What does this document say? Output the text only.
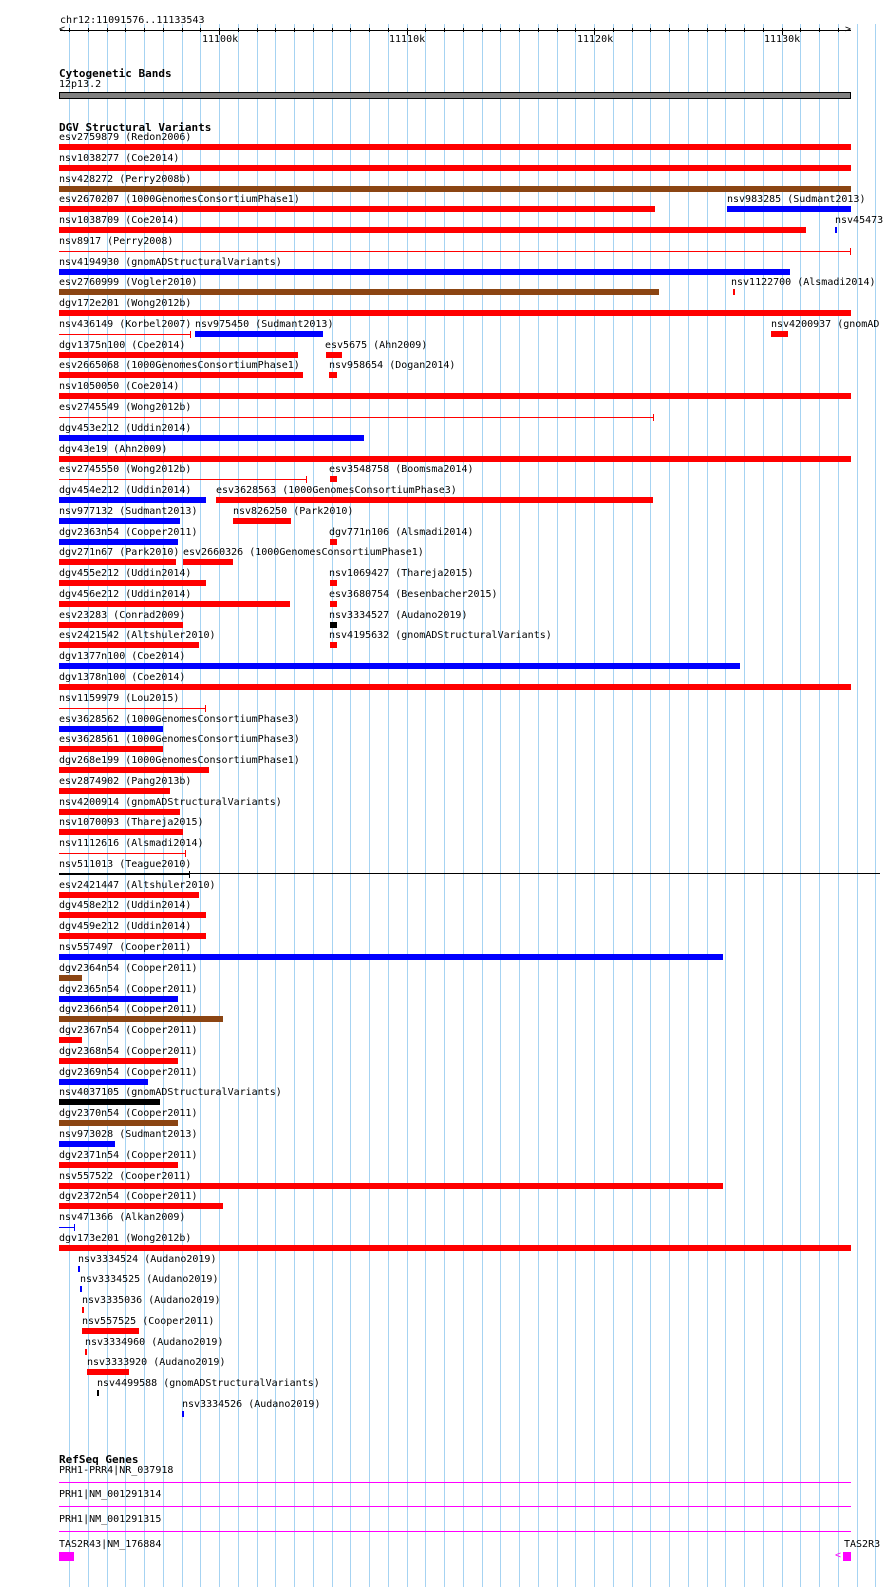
chr12:11091576..11133543
<	>
11100k	11110k	11120k	11130k
Cytogenetic Bands
12p13.2
DGV Structural Variants
esv2759879 (Redon2006)
nsv1038277 (Coe2014)
nsv428272 (Perry2008b)
esv2670207 (1000GenomesConsortiumPhase1)	nsv983285 (Sudmant2013)
nsv1038709 (Coe2014)	nsv45473
nsv8917 (Perry2008)
nsv4194930 (gnomADStructuralVariants)
esv2760999 (Vogler2010)	nsv1122700 (Alsmadi2014)
dgv172e201 (Wong2012b)
nsv436149 (Korbel2007) nsv975450 (Sudmant2013)	nsv4200937 (gnomAD
dgv1375n100 (Coe2014)	esv5675 (Ahn2009)
esv2665068 (1000GenomesConsortiumPhase1)	nsv958654 (Dogan2014)
nsv1050050 (Coe2014)
esv2745549 (Wong2012b)
dgv453e212 (Uddin2014)
dgv43e19 (Ahn2009)
esv2745550 (Wong2012b)	esv3548758 (Boomsma2014)
dgv454e212 (Uddin2014) esv3628563 (1000GenomesConsortiumPhase3)
nsv977132 (Sudmant2013)	nsv826250 (Park2010)
dgv2363n54 (Cooper2011)	dgv771n106 (Alsmadi2014)
dgv271n67 (Park2010) esv2660326 (1000GenomesConsortiumPhase1)
dgv455e212 (Uddin2014)	nsv1069427 (Thareja2015)
dgv456e212 (Uddin2014)	esv3680754 (Besenbacher2015)
esv23283 (Conrad2009)	nsv3334527 (Audano2019)
esv2421542 (Altshuler2010)	nsv4195632 (gnomADStructuralVariants)
dgv1377n100 (Coe2014)
dgv1378n100 (Coe2014)
nsv1159979 (Lou2015)
esv3628562 (1000GenomesConsortiumPhase3)
esv3628561 (1000GenomesConsortiumPhase3)
dgv268e199 (1000GenomesConsortiumPhase1)
esv2874902 (Pang2013b)
nsv4200914 (gnomADStructuralVariants)
nsv1070093 (Thareja2015)
nsv1112616 (Alsmadi2014)
nsv511013 (Teague2010)
esv2421447 (Altshuler2010)
dgv458e212 (Uddin2014)
dgv459e212 (Uddin2014)
nsv557497 (Cooper2011)
dgv2364n54 (Cooper2011)
dgv2365n54 (Cooper2011)
dgv2366n54 (Cooper2011)
dgv2367n54 (Cooper2011)
dgv2368n54 (Cooper2011)
dgv2369n54 (Cooper2011)
nsv4037105 (gnomADStructuralVariants)
dgv2370n54 (Cooper2011)
nsv973028 (Sudmant2013)
dgv2371n54 (Cooper2011)
nsv557522 (Cooper2011)
dgv2372n54 (Cooper2011)
nsv471366 (Alkan2009)
dgv173e201 (Wong2012b)
nsv3334524 (Audano2019)
nsv3334525 (Audano2019)
nsv3335036 (Audano2019)
nsv557525 (Cooper2011)
nsv3334960 (Audano2019)
nsv3333920 (Audano2019)
nsv4499588 (gnomADStructuralVariants)
nsv3334526 (Audano2019)
RefSeq Genes
PRH1-PRR4|NR_037918
PRH1|NM_001291314
PRH1|NM_001291315
TAS2R43|NM_176884	TAS2R3
<
